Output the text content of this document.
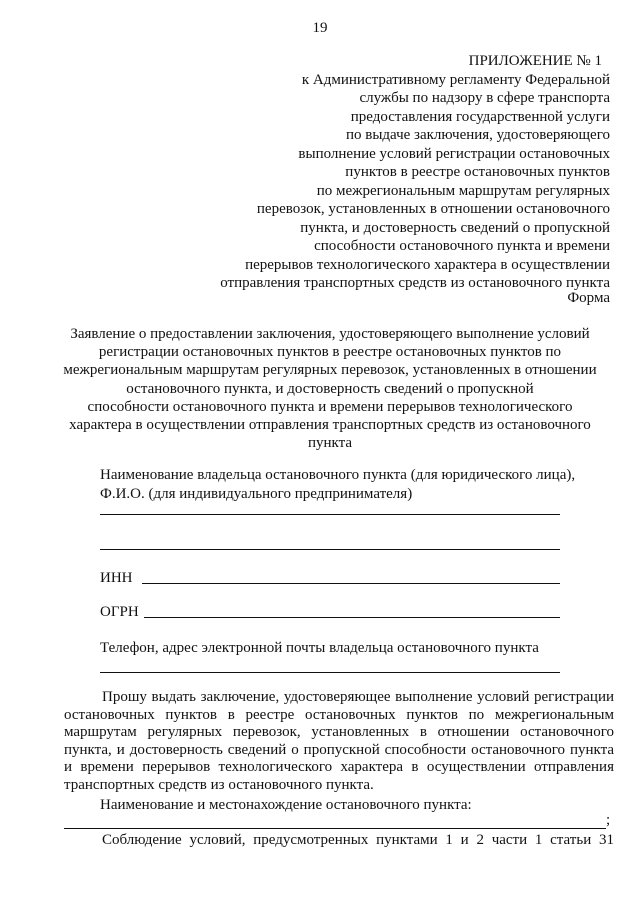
19
ПРИЛОЖЕНИЕ № 1
к Административному регламенту Федеральной
службы по надзору в сфере транспорта
предоставления государственной услуги
по выдаче заключения, удостоверяющего
выполнение условий регистрации остановочных
пунктов в реестре остановочных пунктов
по межрегиональным маршрутам регулярных
перевозок, установленных в отношении остановочного
пункта, и достоверность сведений о пропускной
способности остановочного пункта и времени
перерывов технологического характера в осуществлении
отправления транспортных средств из остановочного пункта
Форма
Заявление о предоставлении заключения, удостоверяющего выполнение условий
регистрации остановочных пунктов в реестре остановочных пунктов по
межрегиональным маршрутам регулярных перевозок, установленных в отношении
остановочного пункта, и достоверность сведений о пропускной
способности остановочного пункта и времени перерывов технологического
характера в осуществлении отправления транспортных средств из остановочного
пункта
Наименование владельца остановочного пункта (для юридического лица),
Ф.И.О. (для индивидуального предпринимателя)
ИНН
ОГРН
Телефон, адрес электронной почты владельца остановочного пункта
Прошу выдать заключение, удостоверяющее выполнение условий регистрации
остановочных пунктов в реестре остановочных пунктов по межрегиональным
маршрутам регулярных перевозок, установленных в отношении остановочного
пункта, и достоверность сведений о пропускной способности остановочного пункта
и времени перерывов технологического характера в осуществлении отправления
транспортных средств из остановочного пункта.
Наименование и местонахождение остановочного пункта:
;
Соблюдение условий, предусмотренных пунктами 1 и 2 части 1 статьи 31
